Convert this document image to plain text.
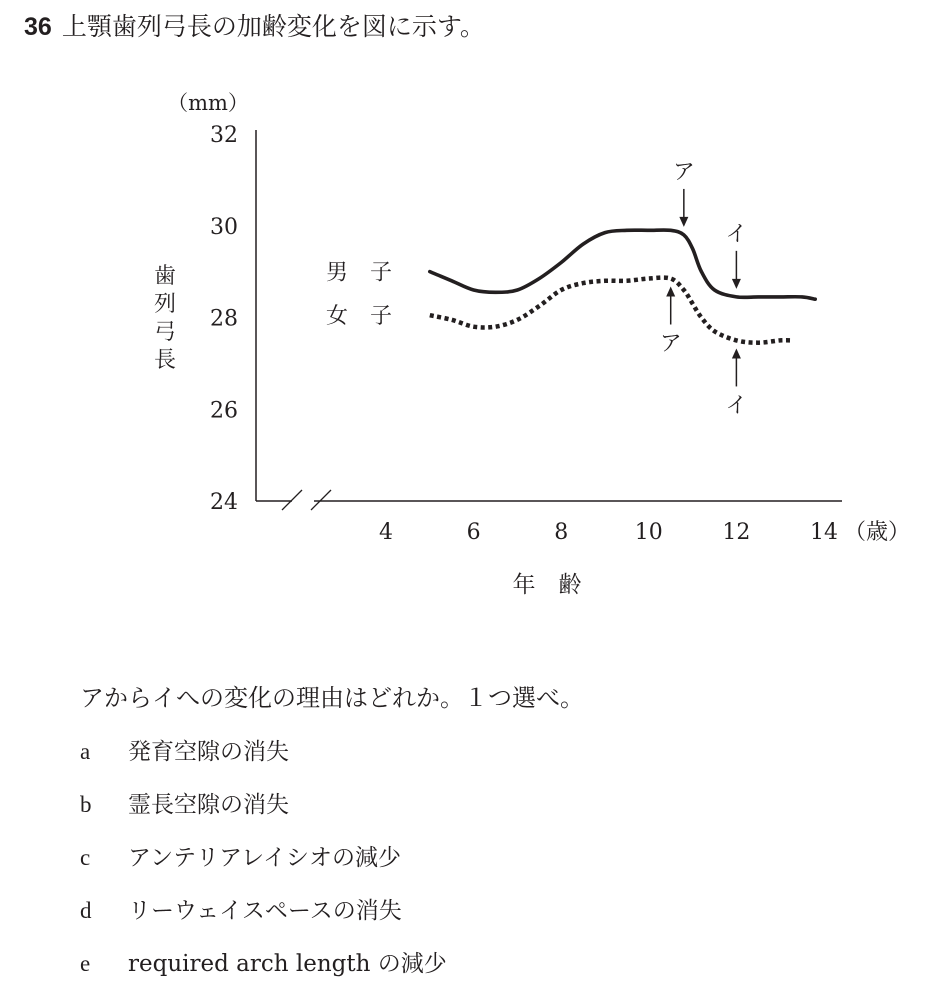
36 上顎歯列弓長の加齢変化を図に示す。
ア
イ
ア
イ
24
26
28
30
32
4	6	8	10	12	14
（mm）
（歳）
歯列弓長
年　齢
男　子
女　子
アからイへの変化の理由はどれか。１つ選べ。
a 発育空隙の消失
b 霊長空隙の消失
c アンテリアレイシオの減少
d リーウェイスペースの消失
e required arch length の減少
